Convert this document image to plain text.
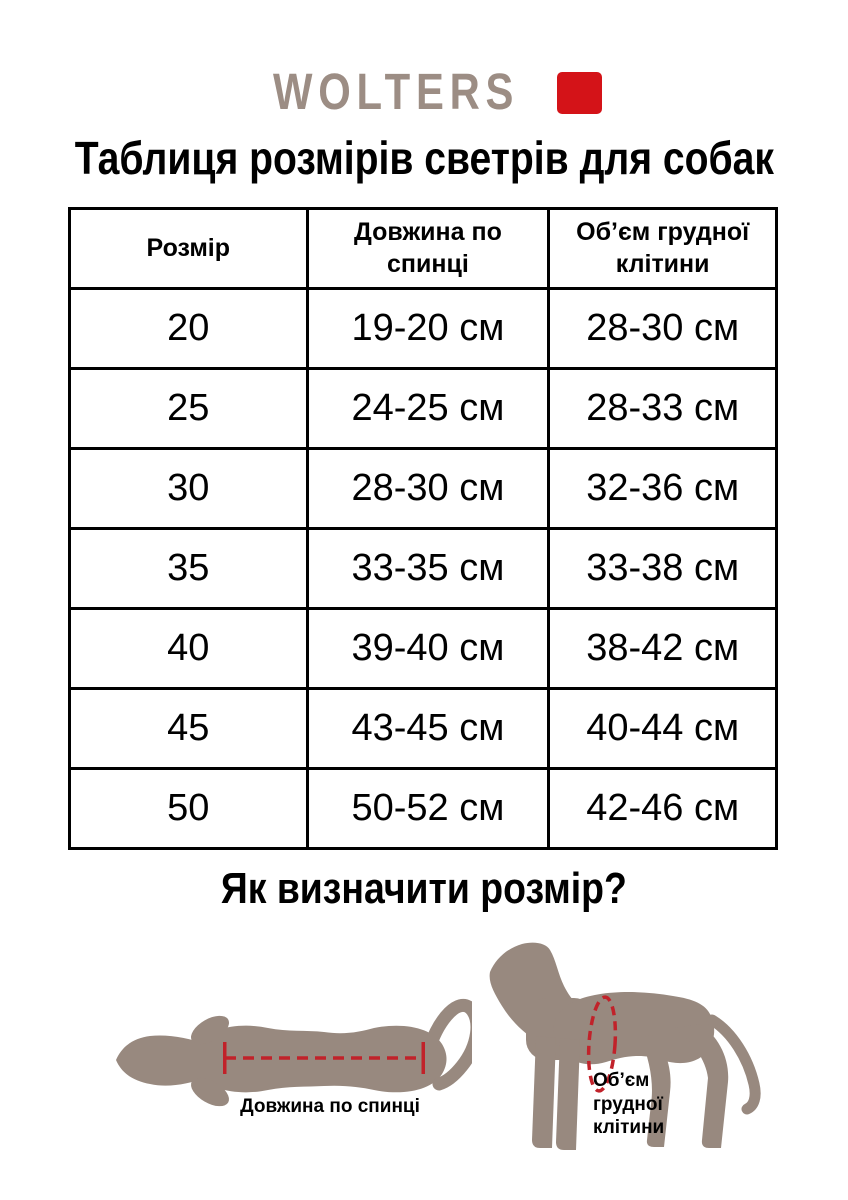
WOLTERS
Таблиця розмірів светрів для собак
Розмір	Довжина по спинці	Об’єм грудної клітини
20	19-20 см	28-30 см
25	24-25 см	28-33 см
30	28-30 см	32-36 см
35	33-35 см	33-38 см
40	39-40 см	38-42 см
45	43-45 см	40-44 см
50	50-52 см	42-46 см
Як визначити розмір?
Довжина по спинці
Об’єм
грудної
клітини
